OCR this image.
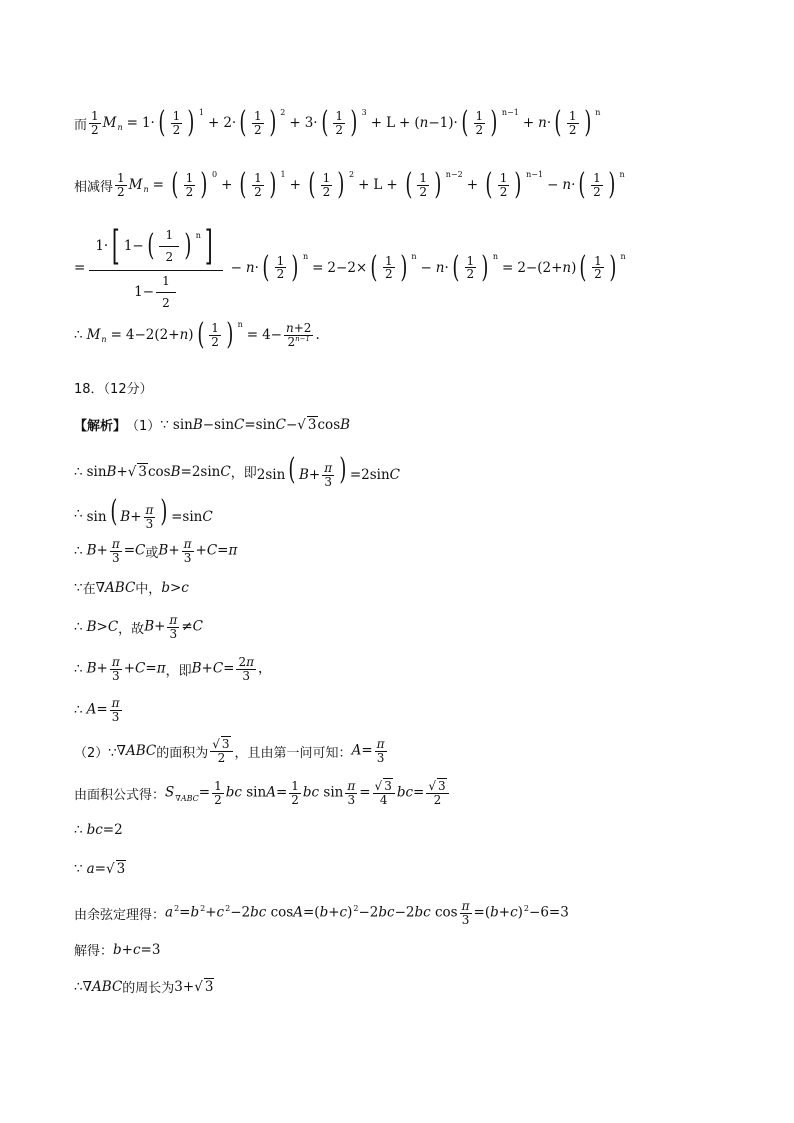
而 $\frac{1}{2}$ M n = 1· ( $\frac{1}{2}$ ) 1
+ 2· ( $\frac{1}{2}$ ) 2
+ 3· ( $\frac{1}{2}$ ) 3
+ L + ( n −1)· ( $\frac{1}{2}$ ) n−1
+ n · ( $\frac{1}{2}$ ) n
相减得 $\frac{1}{2}$ M n = ( $\frac{1}{2}$ ) 0
+ ( $\frac{1}{2}$ ) 1
+ ( $\frac{1}{2}$ ) 2
+ L + ( $\frac{1}{2}$ ) n−2
+ ( $\frac{1}{2}$ ) n−1
− n · ( $\frac{1}{2}$ ) n
= $\frac{1\cdot [ 1- ( \frac{1}{2} ) n ]}{1- \frac{1}{2}} - n$ · ( $\frac{1}{2}$ ) n
= 2−2× ( $\frac{1}{2}$ ) n
− n · ( $\frac{1}{2}$ ) n
= 2−(2+ n ) ( $\frac{1}{2}$ ) n
∴ M n = 4−2(2+ n ) ( $\frac{1}{2}$ ) n
= $4- \frac{n+2}{2^{n-1}}$ .
18．（12分）
【解析】 （1） ∵ sinB−sinC=sinC−√ 3cosB
∴ sinB+√ 3cosB=2sinC ，即 2sin ( $B+ \frac{\pi}{3}$ ) =2sinC
∴ sin ( $B+ \frac{\pi}{3}$ ) =sinC
∴ $B+ \frac{\pi}{3} =C$ 或 $B+ \frac{\pi}{3} +C=\pi$
∵ 在 ∇ABC 中， b>c
∴ B>C ，故 $B+ \frac{\pi}{3} \ne C$
∴ $B+ \frac{\pi}{3} +C=\pi$ ，即 $B+C= \frac{2\pi}{3}$ ，
∴ $A= \frac{\pi}{3}$
（2）∵ ∇ABC 的面积为 $\frac{√ 3}{2}$ ，且由第一问可知： $A= \frac{\pi}{3}$
由面积公式得： $S_{\nabla ABC}= \frac{1}{2}$ bc $\sin A= \frac{1}{2}$ bc $\sin \frac{\pi}{3} = \frac{√ 3}{4} bc= \frac{√ 3}{2}$
∴ bc=2
∵ a=√ 3
由余弦定理得： $a^2=b^2+c^2-2bc$ $\cos A=(b+c)^2-2bc-2bc$ $\cos \frac{\pi}{3} =(b+c)^2-6=3$
解得： b+c=3
∴ ∇ABC 的周长为 3+√ 3
